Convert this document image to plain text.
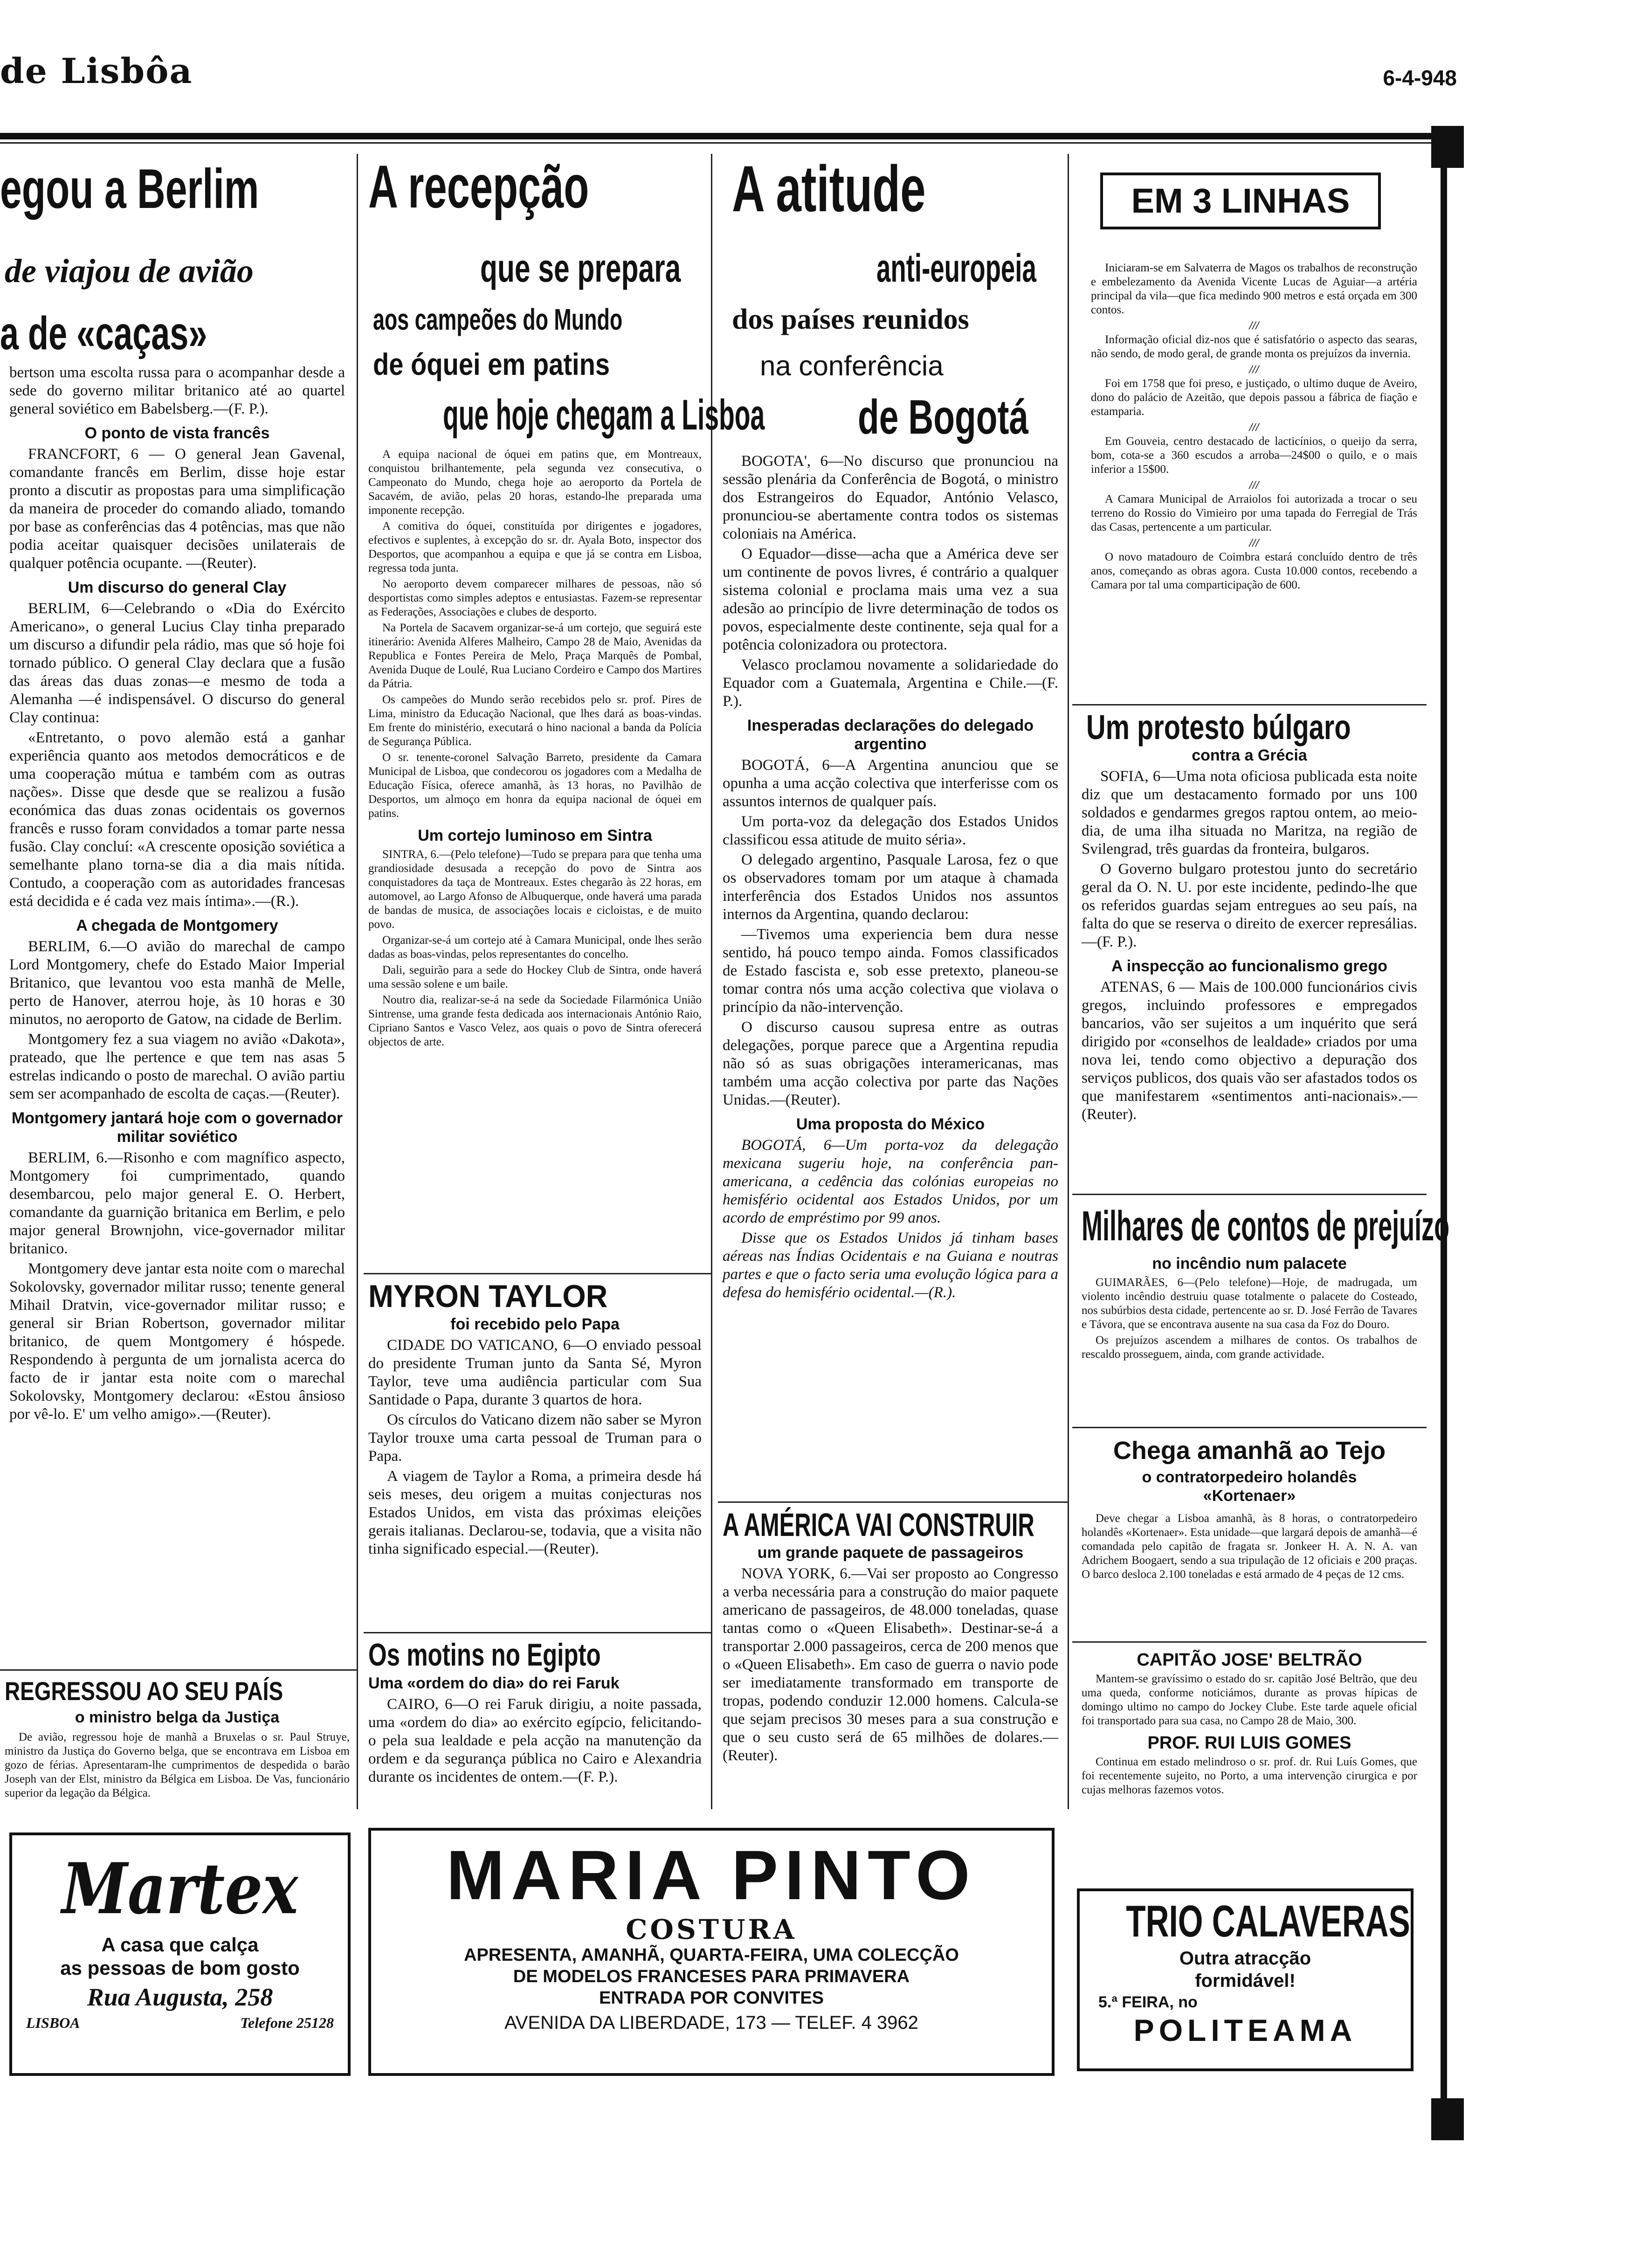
de Lisbôa	6-4-948
egou a Berlim
de viajou de avião
a de «caças»

bertson uma escolta russa para o acompanhar desde a sede do governo militar britanico até ao quartel general soviético em Babelsberg.—(F. P.).

O ponto de vista francês

FRANCFORT, 6 — O general Jean Gavenal, comandante francês em Berlim, disse hoje estar pronto a discutir as propostas para uma simplificação da maneira de proceder do comando aliado, tomando por base as conferências das 4 potências, mas que não podia aceitar quaisquer decisões unilaterais de qualquer potência ocupante. —(Reuter).

Um discurso do general Clay

BERLIM, 6—Celebrando o «Dia do Exército Americano», o general Lucius Clay tinha preparado um discurso a difundir pela rádio, mas que só hoje foi tornado público. O general Clay declara que a fusão das áreas das duas zonas—e mesmo de toda a Alemanha —é indispensável. O discurso do general Clay continua:

«Entretanto, o povo alemão está a ganhar experiência quanto aos metodos democráticos e de uma cooperação mútua e também com as outras nações». Disse que desde que se realizou a fusão económica das duas zonas ocidentais os governos francês e russo foram convidados a tomar parte nessa fusão. Clay concluí: «A crescente oposição soviética a semelhante plano torna-se dia a dia mais nítida. Contudo, a cooperação com as autoridades francesas está decidida e é cada vez mais íntima».—(R.).

A chegada de Montgomery

BERLIM, 6.—O avião do marechal de campo Lord Montgomery, chefe do Estado Maior Imperial Britanico, que levantou voo esta manhã de Melle, perto de Hanover, aterrou hoje, às 10 horas e 30 minutos, no aeroporto de Gatow, na cidade de Berlim.

Montgomery fez a sua viagem no avião «Dakota», prateado, que lhe pertence e que tem nas asas 5 estrelas indicando o posto de marechal. O avião partiu sem ser acompanhado de escolta de caças.—(Reuter).

Montgomery jantará hoje com o governador militar soviético

BERLIM, 6.—Risonho e com magnífico aspecto, Montgomery foi cumprimentado, quando desembarcou, pelo major general E. O. Herbert, comandante da guarnição britanica em Berlim, e pelo major general Brownjohn, vice-governador militar britanico.

Montgomery deve jantar esta noite com o marechal Sokolovsky, governador militar russo; tenente general Mihail Dratvin, vice-governador militar russo; e general sir Brian Robertson, governador militar britanico, de quem Montgomery é hóspede. Respondendo à pergunta de um jornalista acerca do facto de ir jantar esta noite com o marechal Sokolovsky, Montgomery declarou: «Estou ânsioso por vê-lo. E' um velho amigo».—(Reuter).

REGRESSOU AO SEU PAÍS
o ministro belga da Justiça

De avião, regressou hoje de manhã a Bruxelas o sr. Paul Struye, ministro da Justiça do Governo belga, que se encontrava em Lisboa em gozo de férias. Apresentaram-lhe cumprimentos de despedida o barão Joseph van der Elst, ministro da Bélgica em Lisboa. De Vas, funcionário superior da legação da Bélgica.

A recepção
que se prepara
aos campeões do Mundo
de óquei em patins
que hoje chegam a Lisboa

A equipa nacional de óquei em patins que, em Montreaux, conquistou brilhantemente, pela segunda vez consecutiva, o Campeonato do Mundo, chega hoje ao aeroporto da Portela de Sacavém, de avião, pelas 20 horas, estando-lhe preparada uma imponente recepção.

A comitiva do óquei, constituída por dirigentes e jogadores, efectivos e suplentes, à excepção do sr. dr. Ayala Boto, inspector dos Desportos, que acompanhou a equipa e que já se contra em Lisboa, regressa toda junta.

No aeroporto devem comparecer milhares de pessoas, não só desportistas como simples adeptos e entusiastas. Fazem-se representar as Federações, Associações e clubes de desporto.

Na Portela de Sacavem organizar-se-á um cortejo, que seguirá este itinerário: Avenida Alferes Malheiro, Campo 28 de Maio, Avenidas da Republica e Fontes Pereira de Melo, Praça Marquês de Pombal, Avenida Duque de Loulé, Rua Luciano Cordeiro e Campo dos Martires da Pátria.

Os campeões do Mundo serão recebidos pelo sr. prof. Pires de Lima, ministro da Educação Nacional, que lhes dará as boas-vindas. Em frente do ministério, executará o hino nacional a banda da Polícia de Segurança Pública.

O sr. tenente-coronel Salvação Barreto, presidente da Camara Municipal de Lisboa, que condecorou os jogadores com a Medalha de Educação Física, oferece amanhã, às 13 horas, no Pavilhão de Desportos, um almoço em honra da equipa nacional de óquei em patins.

Um cortejo luminoso em Sintra

SINTRA, 6.—(Pelo telefone)—Tudo se prepara para que tenha uma grandiosidade desusada a recepção do povo de Sintra aos conquistadores da taça de Montreaux. Estes chegarão às 22 horas, em automovel, ao Largo Afonso de Albuquerque, onde haverá uma parada de bandas de musica, de associações locais e cicloistas, e de muito povo.

Organizar-se-á um cortejo até à Camara Municipal, onde lhes serão dadas as boas-vindas, pelos representantes do concelho.

Dali, seguirão para a sede do Hockey Club de Sintra, onde haverá uma sessão solene e um baile.

Noutro dia, realizar-se-á na sede da Sociedade Filarmónica União Sintrense, uma grande festa dedicada aos internacionais António Raio, Cipriano Santos e Vasco Velez, aos quais o povo de Sintra oferecerá objectos de arte.

MYRON TAYLOR
foi recebido pelo Papa

CIDADE DO VATICANO, 6—O enviado pessoal do presidente Truman junto da Santa Sé, Myron Taylor, teve uma audiência particular com Sua Santidade o Papa, durante 3 quartos de hora.

Os círculos do Vaticano dizem não saber se Myron Taylor trouxe uma carta pessoal de Truman para o Papa.

A viagem de Taylor a Roma, a primeira desde há seis meses, deu origem a muitas conjecturas nos Estados Unidos, em vista das próximas eleições gerais italianas. Declarou-se, todavia, que a visita não tinha significado especial.—(Reuter).

Os motins no Egipto
Uma «ordem do dia» do rei Faruk

CAIRO, 6—O rei Faruk dirigiu, a noite passada, uma «ordem do dia» ao exército egípcio, felicitando-o pela sua lealdade e pela acção na manutenção da ordem e da segurança pública no Cairo e Alexandria durante os incidentes de ontem.—(F. P.).

A atitude
anti-europeia
dos países reunidos
na conferência
de Bogotá

BOGOTA', 6—No discurso que pronunciou na sessão plenária da Conferência de Bogotá, o ministro dos Estrangeiros do Equador, António Velasco, pronunciou-se abertamente contra todos os sistemas coloniais na América.

O Equador—disse—acha que a América deve ser um continente de povos livres, é contrário a qualquer sistema colonial e proclama mais uma vez a sua adesão ao princípio de livre determinação de todos os povos, especialmente deste continente, seja qual for a potência colonizadora ou protectora.

Velasco proclamou novamente a solidariedade do Equador com a Guatemala, Argentina e Chile.—(F. P.).

Inesperadas declarações do delegado argentino

BOGOTÁ, 6—A Argentina anunciou que se opunha a uma acção colectiva que interferisse com os assuntos internos de qualquer país.

Um porta-voz da delegação dos Estados Unidos classificou essa atitude de muito séria».

O delegado argentino, Pasquale Larosa, fez o que os observadores tomam por um ataque à chamada interferência dos Estados Unidos nos assuntos internos da Argentina, quando declarou:

—Tivemos uma experiencia bem dura nesse sentido, há pouco tempo ainda. Fomos classificados de Estado fascista e, sob esse pretexto, planeou-se tomar contra nós uma acção colectiva que violava o princípio da não-intervenção.

O discurso causou supresa entre as outras delegações, porque parece que a Argentina repudia não só as suas obrigações interamericanas, mas também uma acção colectiva por parte das Nações Unidas.—(Reuter).

Uma proposta do México

BOGOTÁ, 6—Um porta-voz da delegação mexicana sugeriu hoje, na conferência pan-americana, a cedência das colónias europeias no hemisfério ocidental aos Estados Unidos, por um acordo de empréstimo por 99 anos.

Disse que os Estados Unidos já tinham bases aéreas nas Índias Ocidentais e na Guiana e noutras partes e que o facto seria uma evolução lógica para a defesa do hemisfério ocidental.—(R.).

A AMÉRICA VAI CONSTRUIR
um grande paquete de passageiros

NOVA YORK, 6.—Vai ser proposto ao Congresso a verba necessária para a construção do maior paquete americano de passageiros, de 48.000 toneladas, quase tantas como o «Queen Elisabeth». Destinar-se-á a transportar 2.000 passageiros, cerca de 200 menos que o «Queen Elisabeth». Em caso de guerra o navio pode ser imediatamente transformado em transporte de tropas, podendo conduzir 12.000 homens. Calcula-se que sejam precisos 30 meses para a sua construção e que o seu custo será de 65 milhões de dolares.—(Reuter).

EM 3 LINHAS

Iniciaram-se em Salvaterra de Magos os trabalhos de reconstrução e embelezamento da Avenida Vicente Lucas de Aguiar—a artéria principal da vila—que fica medindo 900 metros e está orçada em 300 contos.

///

Informação oficial diz-nos que é satisfatório o aspecto das searas, não sendo, de modo geral, de grande monta os prejuízos da invernia.

///

Foi em 1758 que foi preso, e justiçado, o ultimo duque de Aveiro, dono do palácio de Azeitão, que depois passou a fábrica de fiação e estamparia.

///

Em Gouveia, centro destacado de lacticínios, o queijo da serra, bom, cota-se a 360 escudos a arroba—24$00 o quilo, e o mais inferior a 15$00.

///

A Camara Municipal de Arraiolos foi autorizada a trocar o seu terreno do Rossio do Vimieiro por uma tapada do Ferregial de Trás das Casas, pertencente a um particular.

///

O novo matadouro de Coimbra estará concluído dentro de três anos, começando as obras agora. Custa 10.000 contos, recebendo a Camara por tal uma comparticipação de 600.

Um protesto búlgaro
contra a Grécia

SOFIA, 6—Uma nota oficiosa publicada esta noite diz que um destacamento formado por uns 100 soldados e gendarmes gregos raptou ontem, ao meio-dia, de uma ilha situada no Maritza, na região de Svilengrad, três guardas da fronteira, bulgaros.

O Governo bulgaro protestou junto do secretário geral da O. N. U. por este incidente, pedindo-lhe que os referidos guardas sejam entregues ao seu país, na falta do que se reserva o direito de exercer represálias.—(F. P.).

A inspecção ao funcionalismo grego

ATENAS, 6 — Mais de 100.000 funcionários civis gregos, incluindo professores e empregados bancarios, vão ser sujeitos a um inquérito que será dirigido por «conselhos de lealdade» criados por uma nova lei, tendo como objectivo a depuração dos serviços publicos, dos quais vão ser afastados todos os que manifestarem «sentimentos anti-nacionais».—(Reuter).

Milhares de contos de prejuízo
no incêndio num palacete

GUIMARÃES, 6—(Pelo telefone)—Hoje, de madrugada, um violento incêndio destruiu quase totalmente o palacete do Costeado, nos subúrbios desta cidade, pertencente ao sr. D. José Ferrão de Tavares e Távora, que se encontrava ausente na sua casa da Foz do Douro.

Os prejuízos ascendem a milhares de contos. Os trabalhos de rescaldo prosseguem, ainda, com grande actividade.

Chega amanhã ao Tejo
o contratorpedeiro holandês
«Kortenaer»

Deve chegar a Lisboa amanhã, às 8 horas, o contratorpedeiro holandês «Kortenaer». Esta unidade—que largará depois de amanhã—é comandada pelo capitão de fragata sr. Jonkeer H. A. N. A. van Adrichem Boogaert, sendo a sua tripulação de 12 oficiais e 200 praças. O barco desloca 2.100 toneladas e está armado de 4 peças de 12 cms.

CAPITÃO JOSE' BELTRÃO

Mantem-se gravíssimo o estado do sr. capitão José Beltrão, que deu uma queda, conforme noticiámos, durante as provas hípicas de domingo ultimo no campo do Jockey Clube. Este tarde aquele oficial foi transportado para sua casa, no Campo 28 de Maio, 300.

PROF. RUI LUIS GOMES

Continua em estado melindroso o sr. prof. dr. Rui Luís Gomes, que foi recentemente sujeito, no Porto, a uma intervenção cirurgica e por cujas melhoras fazemos votos.

Martex
A casa que calça
as pessoas de bom gosto
Rua Augusta, 258
LISBOA	Telefone 25128
MARIA PINTO
COSTURA
APRESENTA, AMANHÃ, QUARTA-FEIRA, UMA COLECÇÃO
DE MODELOS FRANCESES PARA PRIMAVERA
ENTRADA POR CONVITES
AVENIDA DA LIBERDADE, 173 — TELEF. 4 3962
TRIO CALAVERAS
Outra atracção
formidável!
5.ª FEIRA, no
POLITEAMA
